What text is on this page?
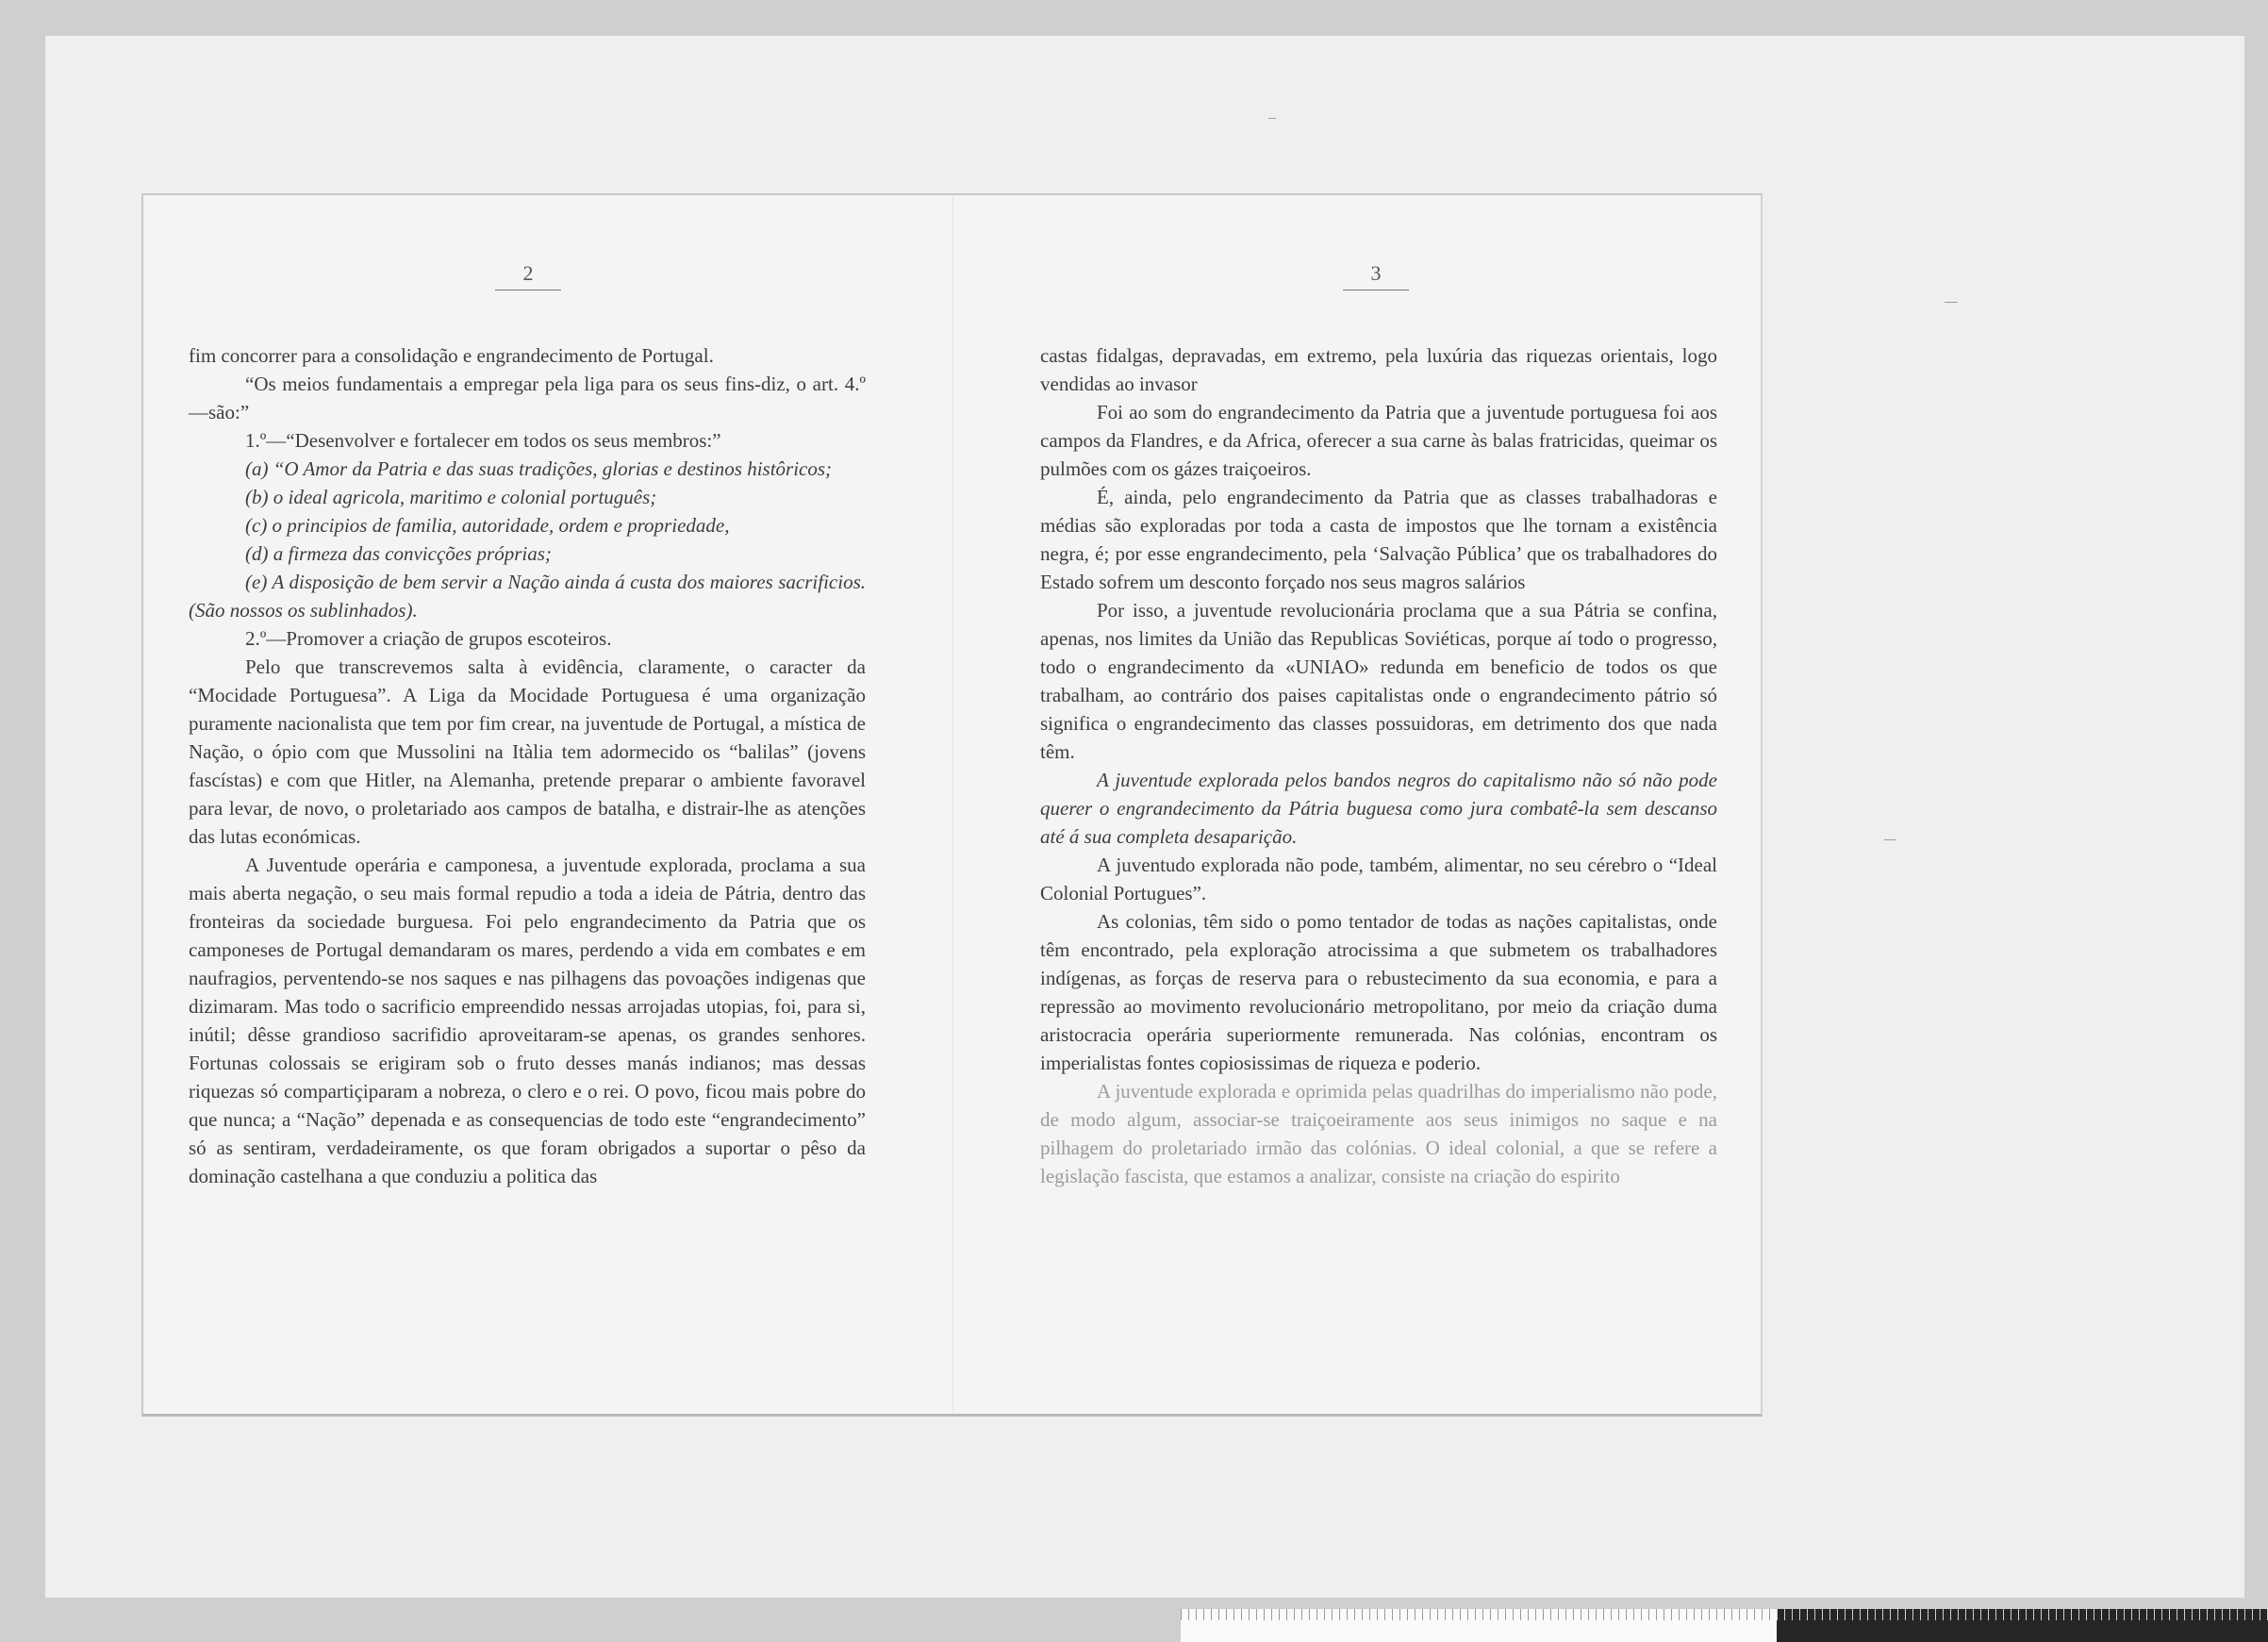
2	3

fim concorrer para a consolidação e engrandecimento de Portugal.

“Os meios fundamentais a empregar pela liga para os seus fins-diz, o art. 4.º—são:”

1.º—“Desenvolver e fortalecer em todos os seus membros:”

(a) “O Amor da Patria e das suas tradições, glorias e destinos histôricos;

(b) o ideal agricola, maritimo e colonial português;

(c) o principios de familia, autoridade, ordem e propriedade,

(d) a firmeza das convicções próprias;

(e) A disposição de bem servir a Nação ainda á custa dos maiores sacrificios. (São nossos os sublinhados).

2.º—Promover a criação de grupos escoteiros.

Pelo que transcrevemos salta à evidência, claramente, o caracter da “Mocidade Portuguesa”. A Liga da Mocidade Portuguesa é uma organização puramente nacionalista que tem por fim crear, na juventude de Portugal, a mística de Nação, o ópio com que Mussolini na Itàlia tem adormecido os “balilas” (jovens fascístas) e com que Hitler, na Alemanha, pretende preparar o ambiente favoravel para levar, de novo, o proletariado aos campos de batalha, e distrair-lhe as atenções das lutas económicas.

A Juventude operária e camponesa, a juventude explorada, proclama a sua mais aberta negação, o seu mais formal repudio a toda a ideia de Pátria, dentro das fronteiras da sociedade burguesa. Foi pelo engrandecimento da Patria que os camponeses de Portugal demandaram os mares, perdendo a vida em combates e em naufragios, perventendo-se nos saques e nas pilhagens das povoações indigenas que dizimaram. Mas todo o sacrificio empreendido nessas arrojadas utopias, foi, para si, inútil; dêsse grandioso sacrifidio aproveitaram-se apenas, os grandes senhores. Fortunas colossais se erigiram sob o fruto desses manás indianos; mas dessas riquezas só compartiçiparam a nobreza, o clero e o rei. O povo, ficou mais pobre do que nunca; a “Nação” depenada e as consequencias de todo este “engrandecimento” só as sentiram, verdadeiramente, os que foram obrigados a suportar o pêso da dominação castelhana a que conduziu a politica das

castas fidalgas, depravadas, em extremo, pela luxúria das riquezas orientais, logo vendidas ao invasor

Foi ao som do engrandecimento da Patria que a juventude portuguesa foi aos campos da Flandres, e da Africa, oferecer a sua carne às balas fratricidas, queimar os pulmões com os gázes traiçoeiros.

É, ainda, pelo engrandecimento da Patria que as classes trabalhadoras e médias são exploradas por toda a casta de impostos que lhe tornam a existência negra, é; por esse engrandecimento, pela ‘Salvação Pública’ que os trabalhadores do Estado sofrem um desconto forçado nos seus magros salários

Por isso, a juventude revolucionária proclama que a sua Pátria se confina, apenas, nos limites da União das Republicas Soviéticas, porque aí todo o progresso, todo o engrandecimento da «UNIAO» redunda em beneficio de todos os que trabalham, ao contrário dos paises capitalistas onde o engrandecimento pátrio só significa o engrandecimento das classes possuidoras, em detrimento dos que nada têm.

A juventude explorada pelos bandos negros do capitalismo não só não pode querer o engrandecimento da Pátria buguesa como jura combatê-la sem descanso até á sua completa desaparição.

A juventudo explorada não pode, também, alimentar, no seu cérebro o “Ideal Colonial Portugues”.

As colonias, têm sido o pomo tentador de todas as nações capitalistas, onde têm encontrado, pela exploração atrocissima a que submetem os trabalhadores indígenas, as forças de reserva para o rebustecimento da sua economia, e para a repressão ao movimento revolucionário metropolitano, por meio da criação duma aristocracia operária superiormente remunerada. Nas colónias, encontram os imperialistas fontes copiosissimas de riqueza e poderio.

A juventude explorada e oprimida pelas quadrilhas do imperialismo não pode, de modo algum, associar-se traiçoeiramente aos seus inimigos no saque e na pilhagem do proletariado irmão das colónias. O ideal colonial, a que se refere a legislação fascista, que estamos a analizar, consiste na criação do espirito
